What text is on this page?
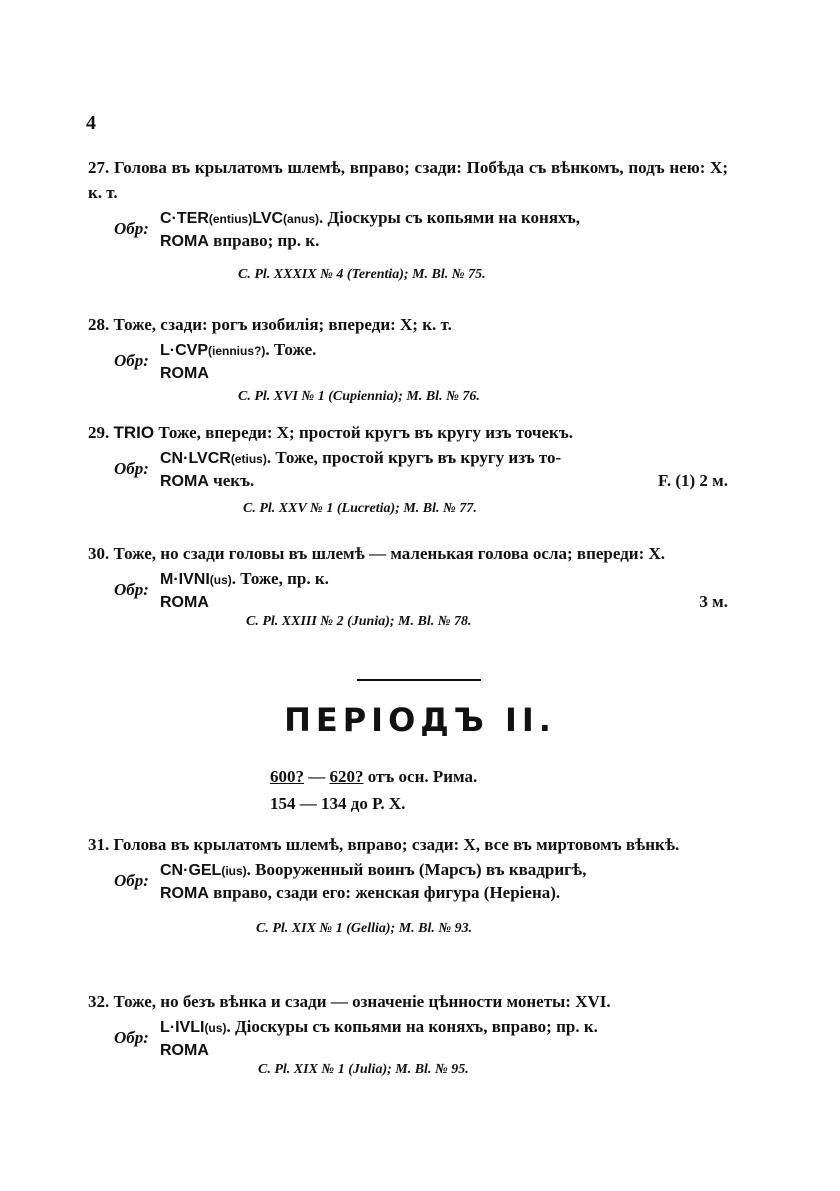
4
27. Голова въ крылатомъ шлемѣ, вправо; сзади: Побѣда съ вѣнкомъ, подъ нею: X; к. т.
Обр:
C·TER(entius)LVC(anus). Діоскуры съ копьями на коняхъ,
ROMA вправо; пр. к.
C. Pl. XXXIX № 4 (Terentia); M. Bl. № 75.
28. Тоже, сзади: рогъ изобилія; впереди: X; к. т.
Обр:
L·CVP(iennius?). Тоже.
ROMA
C. Pl. XVI № 1 (Cupiennia); M. Bl. № 76.
29. TRIO Тоже, впереди: X; простой кругъ въ кругу изъ точекъ.
Обр:
CN·LVCR(etius). Тоже, простой кругъ въ кругу изъ то-
ROMA чекъ.	F. (1) 2 м.
C. Pl. XXV № 1 (Lucretia); M. Bl. № 77.
30. Тоже, но сзади головы въ шлемѣ — маленькая голова осла; впереди: X.
Обр:
M·IVNI(us). Тоже, пр. к.
ROMA	3 м.
C. Pl. XXIII № 2 (Junia); M. Bl. № 78.
ПЕРІОДЪ II.
600? — 620? отъ осн. Рима.
154 — 134 до Р. Х.
31. Голова въ крылатомъ шлемѣ, вправо; сзади: X, все въ миртовомъ вѣнкѣ.
Обр:
CN·GEL(ius). Вооруженный воинъ (Марсъ) въ квадригѣ,
ROMA вправо, сзади его: женская фигура (Неріена).
C. Pl. XIX № 1 (Gellia); M. Bl. № 93.
32. Тоже, но безъ вѣнка и сзади — означеніе цѣнности монеты: XVI.
Обр:
L·IVLI(us). Діоскуры съ копьями на коняхъ, вправо; пр. к.
ROMA
C. Pl. XIX № 1 (Julia); M. Bl. № 95.
